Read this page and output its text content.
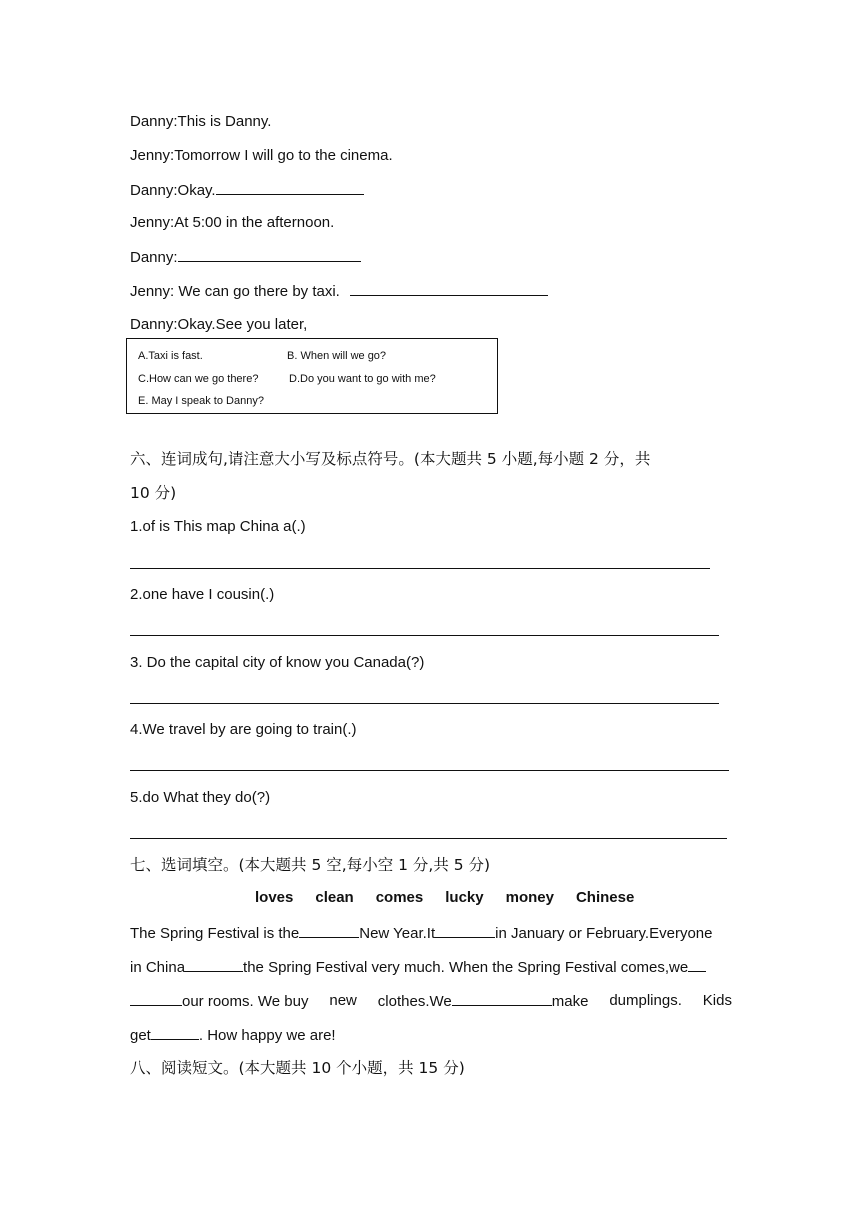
Danny:This is Danny.
Jenny:Tomorrow I will go to the cinema.
Danny:Okay.
Jenny:At 5:00 in the afternoon.
Danny:
Jenny: We can go there by taxi.
Danny:Okay.See you later,
A.Taxi is fast.	B. When will we go?
C.How can we go there?	D.Do you want to go with me?
E. May I speak to Danny?
六、连词成句,请注意大小写及标点符号。(本大题共 5 小题,每小题 2 分，共
10 分)
1.of is This map China a(.)
2.one have I cousin(.)
3. Do the capital city of know you Canada(?)
4.We travel by are going to train(.)
5.do What they do(?)
七、选词填空。(本大题共 5 空,每小空 1 分,共 5 分)
loves clean comes lucky money Chinese
The Spring Festival is the	New Year.It	in January or February.Everyone
in China	the Spring Festival very much. When the Spring Festival comes,we
our rooms. We buy new clothes.We	make dumplings. Kids
get	. How happy we are!
八、阅读短文。(本大题共 10 个小题，共 15 分)
